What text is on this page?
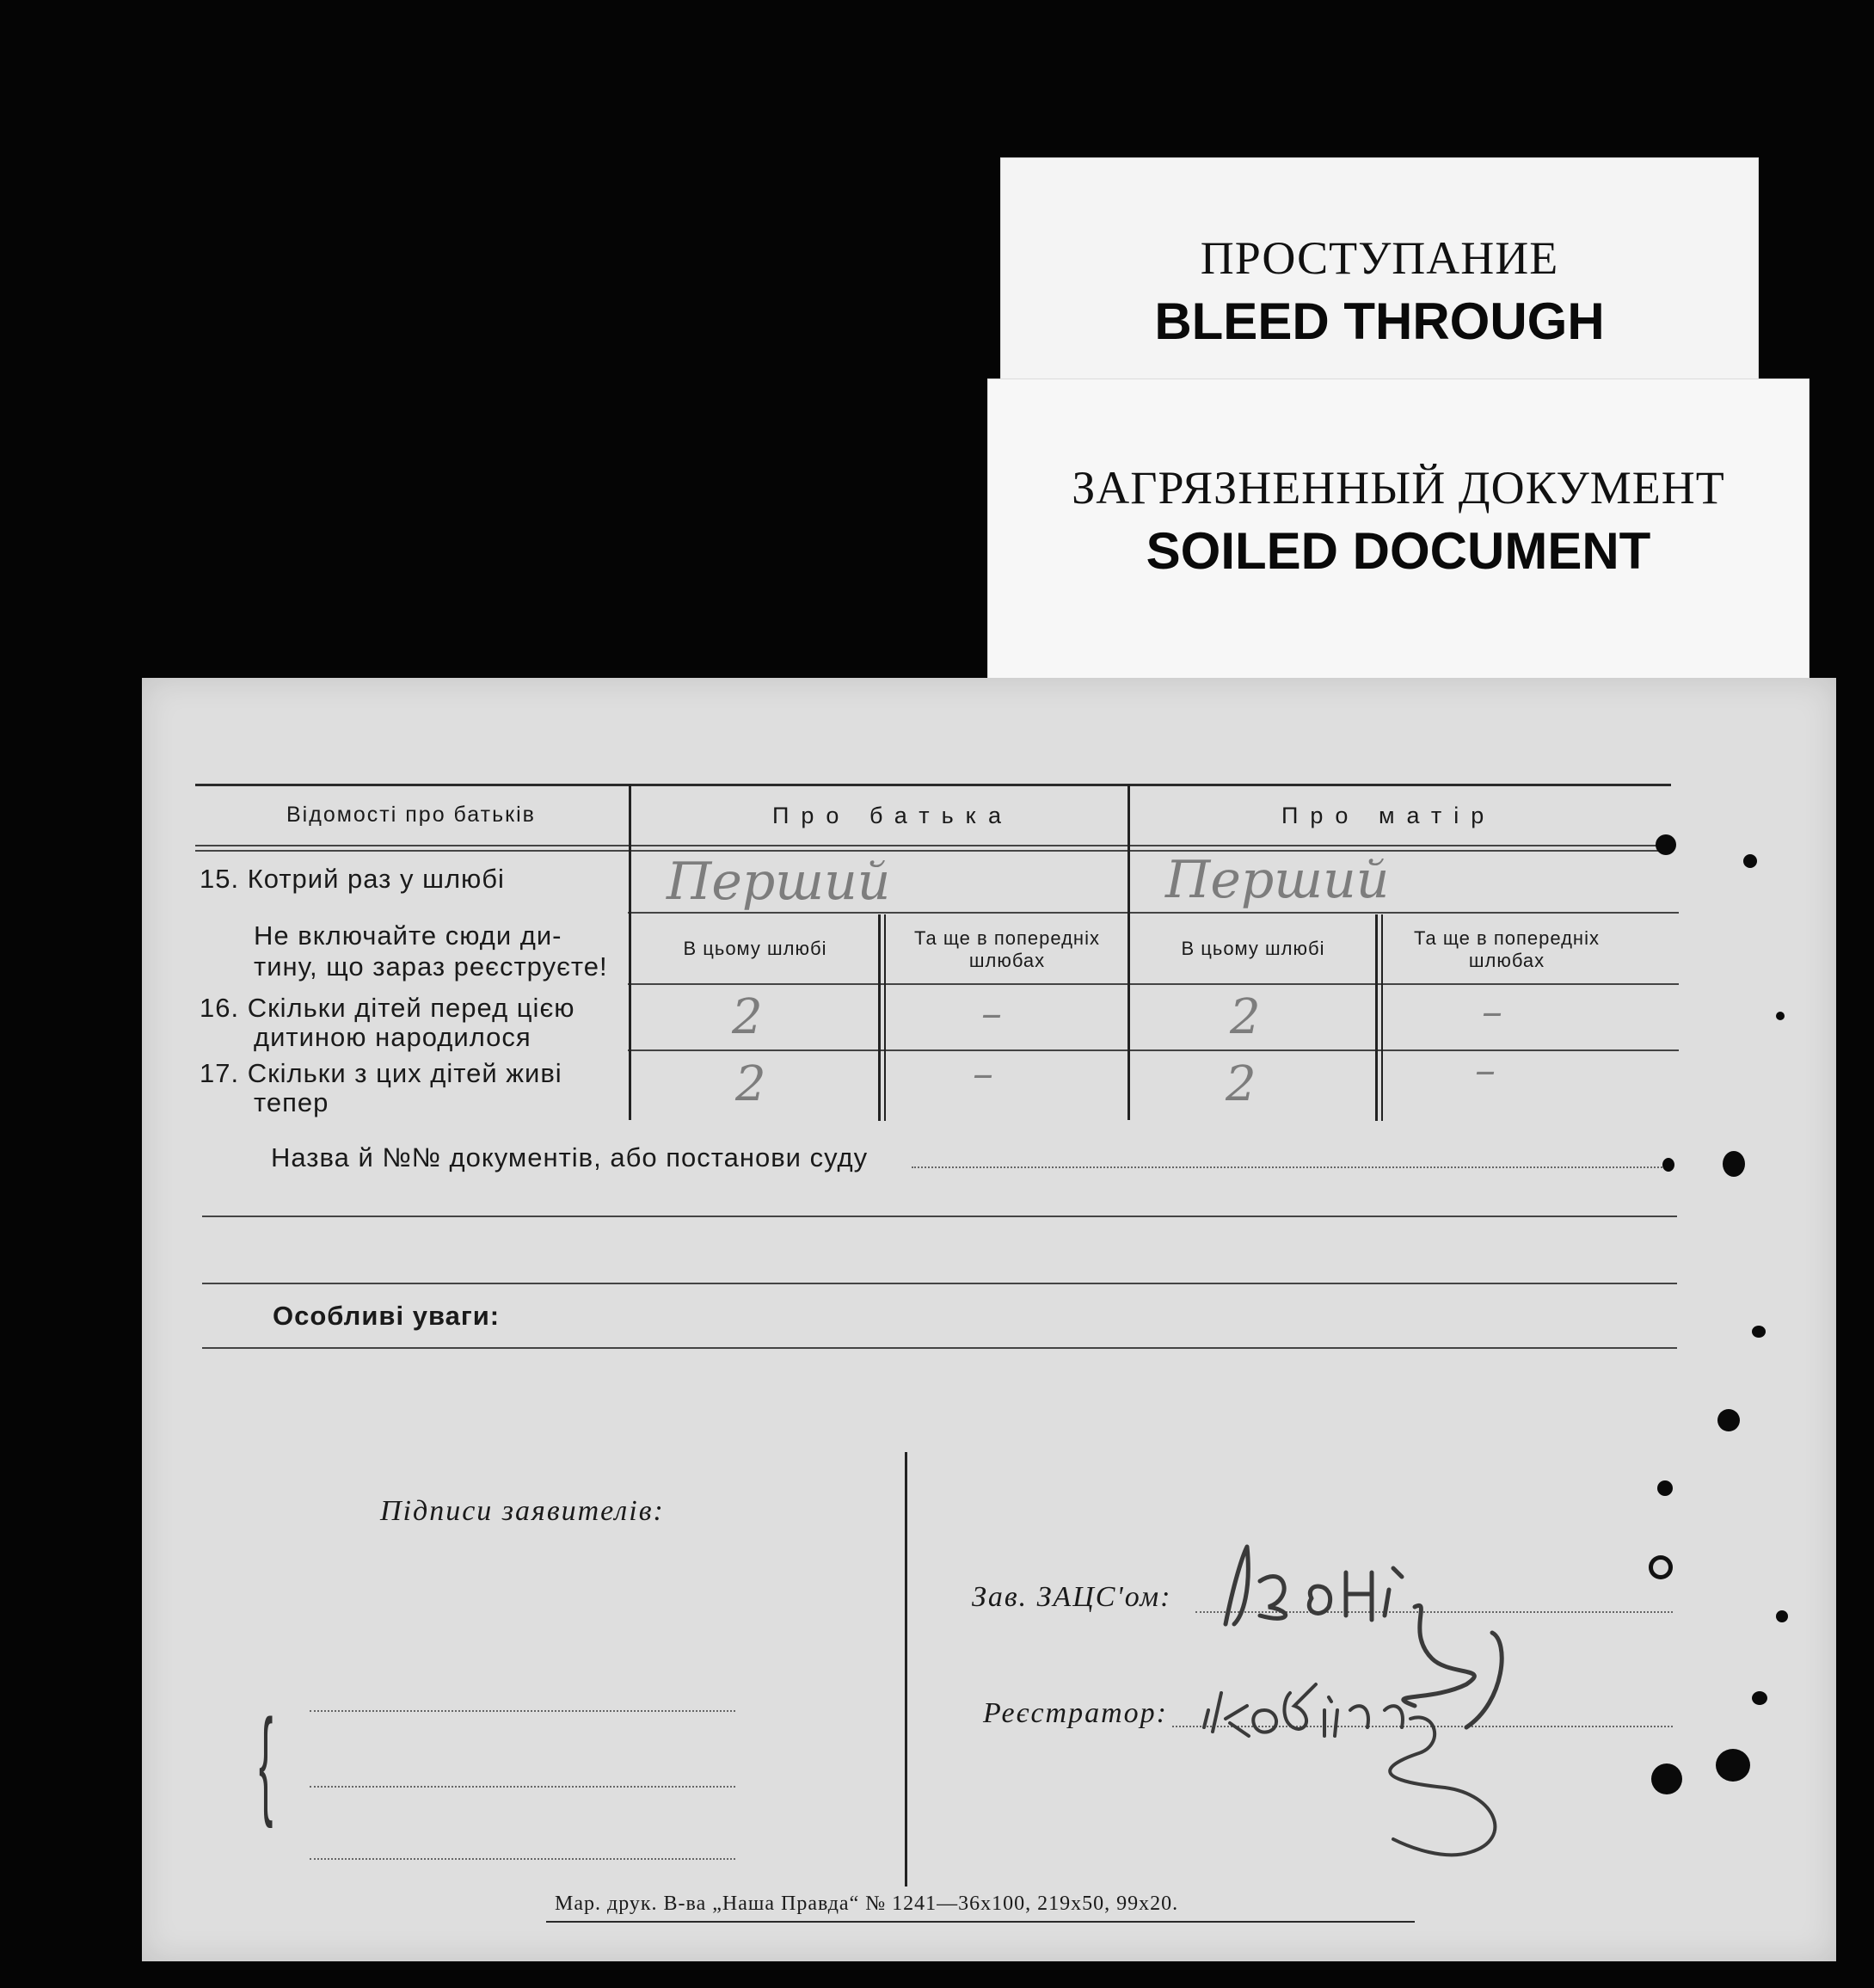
ПРОСТУПАНИЕ
BLEED THROUGH
ЗАГРЯЗНЕННЫЙ ДОКУМЕНТ
SOILED DOCUMENT
Відомості про батьків	Про батька	Про матір
15. Котрий раз у шлюбі	Перший	Перший
Не включайте сюди ди-
тину, що зараз реєструєте!
В цьому шлюбі	Та ще в попередніх шлюбах
В цьому шлюбі	Та ще в попередніх шлюбах
16. Скільки дітей перед цією
дитиною народилося	2	–	2	–
17. Скільки з цих дітей живі
тепер	2	–	2	–
Назва й №№ документів, або постанови суду
Особливі уваги:
Підписи заявителів:
{
Зав. ЗАЦС'ом:
Реєстратор:
Мар. друк. В-ва „Наша Правда“ № 1241—36х100, 219х50, 99х20.
